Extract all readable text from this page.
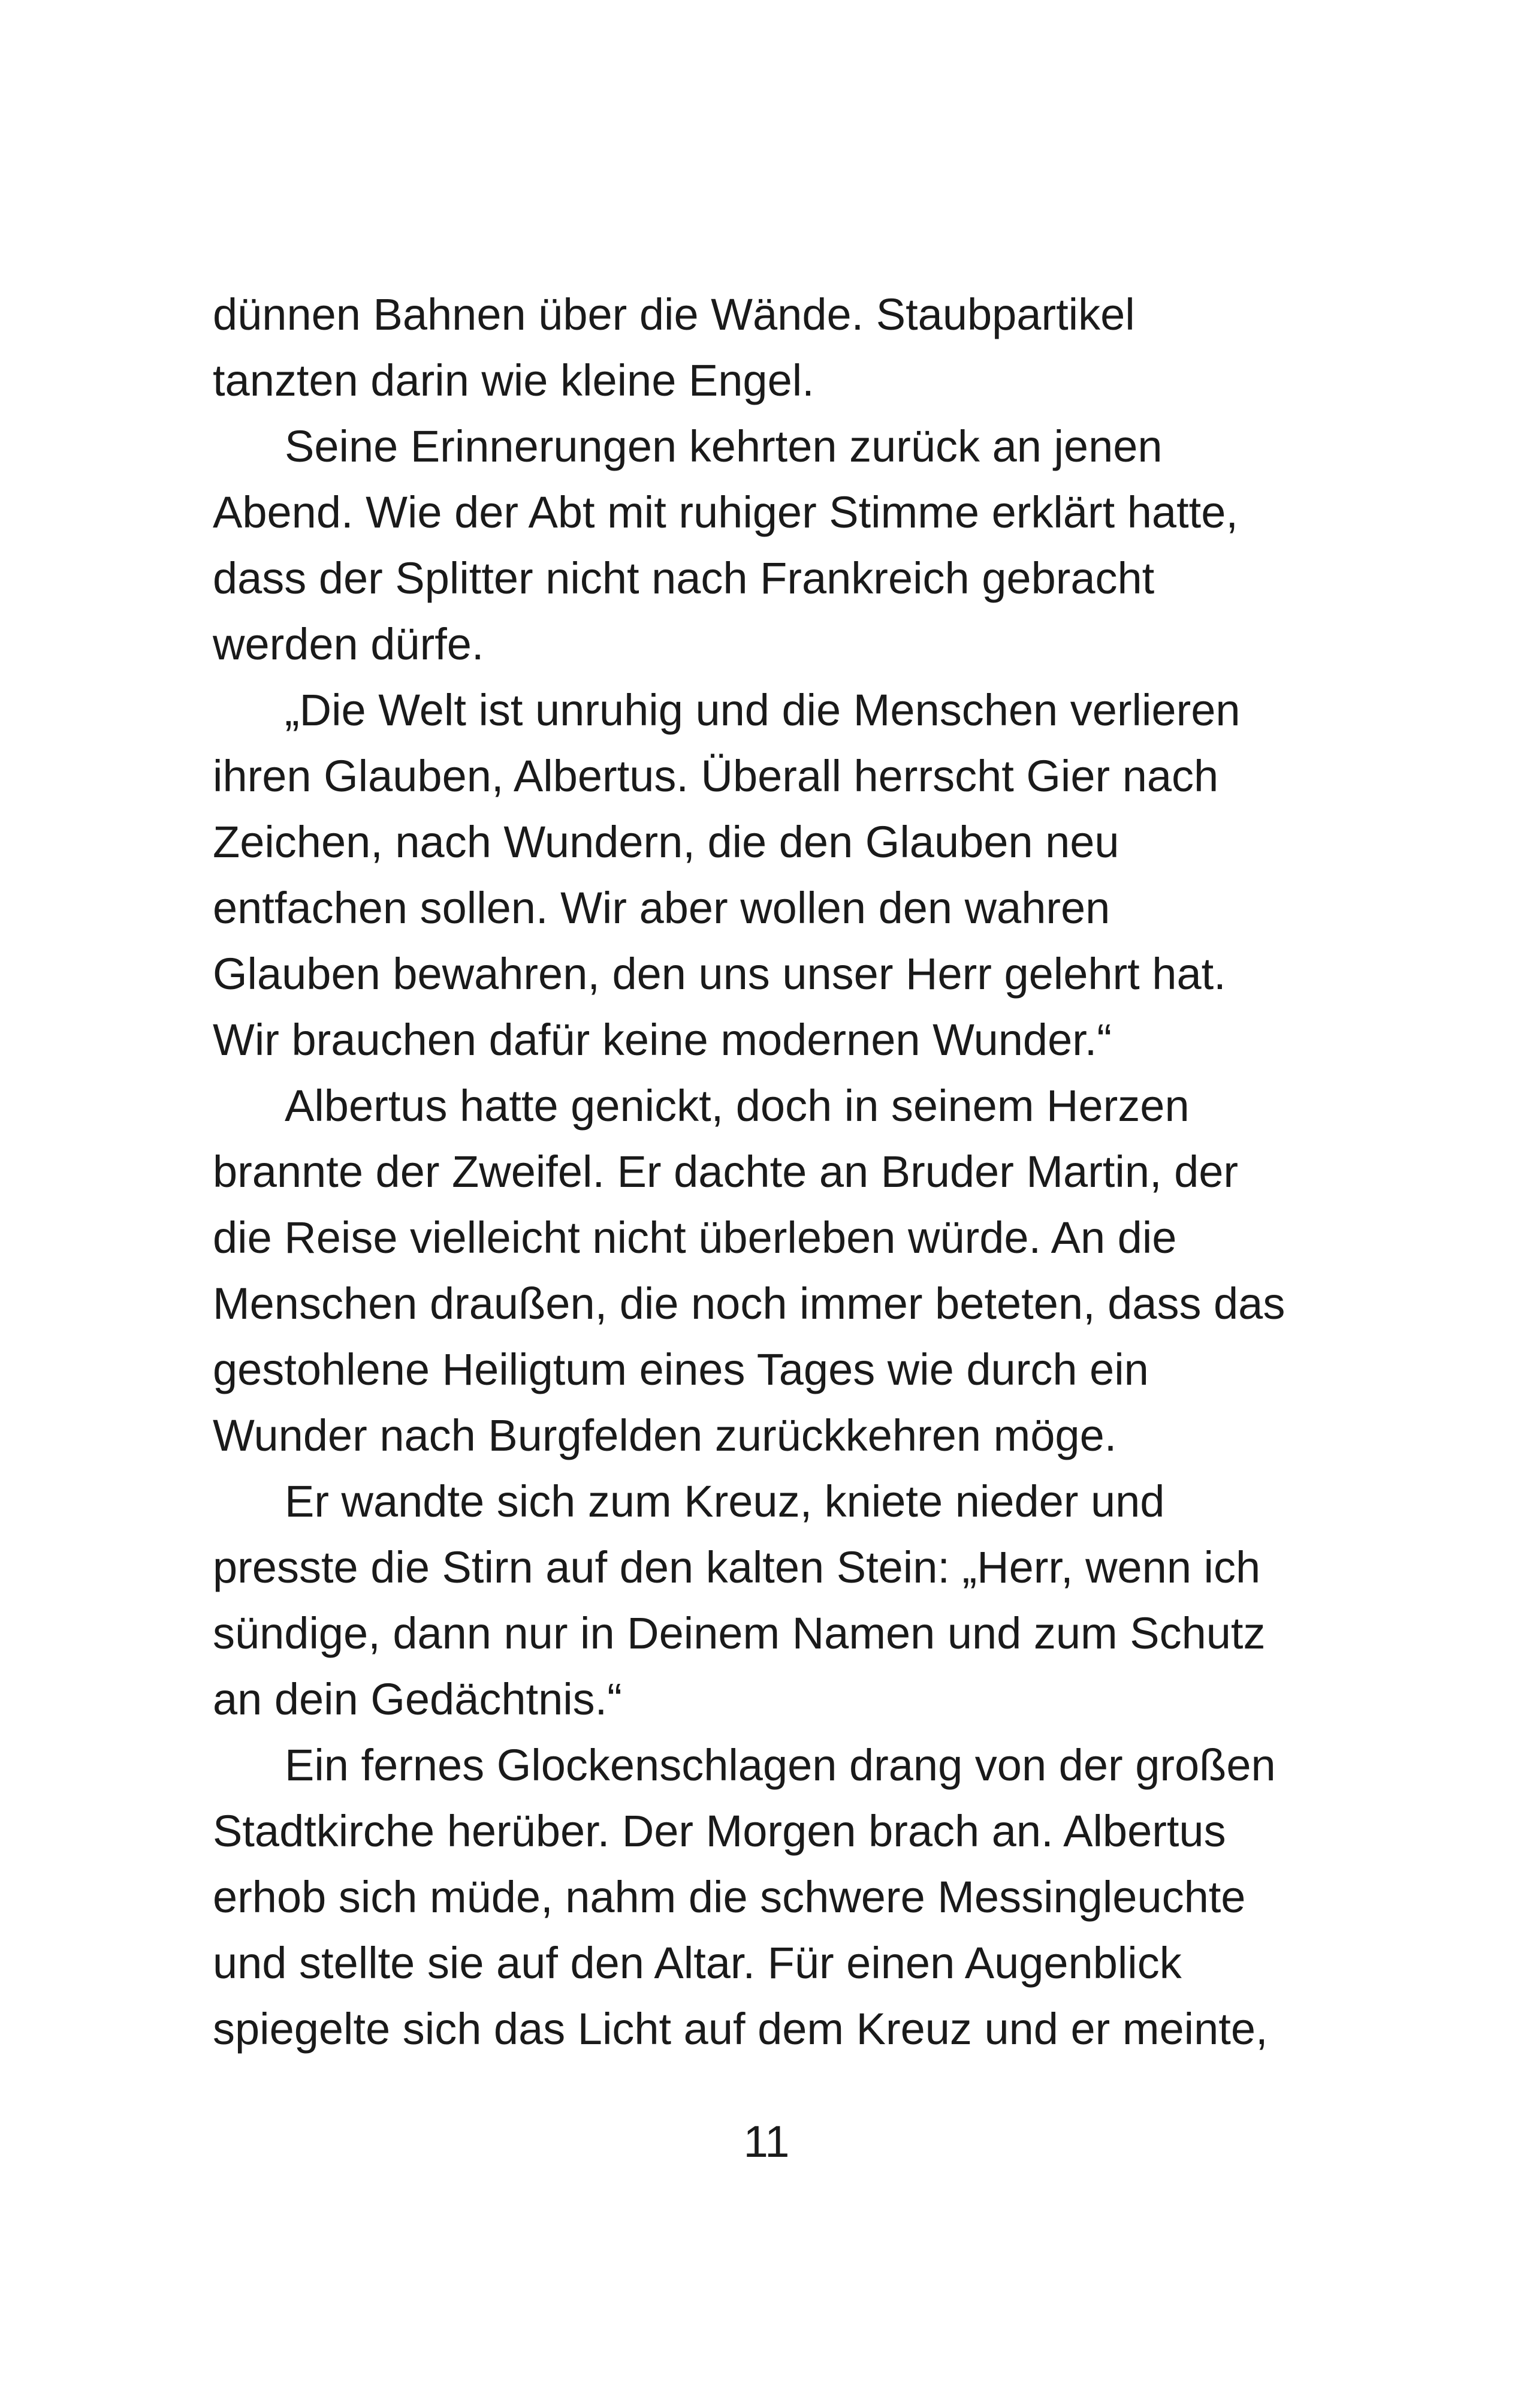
dünnen Bahnen über die Wände. Staubpartikel
tanzten darin wie kleine Engel.
Seine Erinnerungen kehrten zurück an jenen
Abend. Wie der Abt mit ruhiger Stimme erklärt hatte,
dass der Splitter nicht nach Frankreich gebracht
werden dürfe.
„Die Welt ist unruhig und die Menschen verlieren
ihren Glauben, Albertus. Überall herrscht Gier nach
Zeichen, nach Wundern, die den Glauben neu
entfachen sollen. Wir aber wollen den wahren
Glauben bewahren, den uns unser Herr gelehrt hat.
Wir brauchen dafür keine modernen Wunder.“
Albertus hatte genickt, doch in seinem Herzen
brannte der Zweifel. Er dachte an Bruder Martin, der
die Reise vielleicht nicht überleben würde. An die
Menschen draußen, die noch immer beteten, dass das
gestohlene Heiligtum eines Tages wie durch ein
Wunder nach Burgfelden zurückkehren möge.
Er wandte sich zum Kreuz, kniete nieder und
presste die Stirn auf den kalten Stein: „Herr, wenn ich
sündige, dann nur in Deinem Namen und zum Schutz
an dein Gedächtnis.“
Ein fernes Glockenschlagen drang von der großen
Stadtkirche herüber. Der Morgen brach an. Albertus
erhob sich müde, nahm die schwere Messingleuchte
und stellte sie auf den Altar. Für einen Augenblick
spiegelte sich das Licht auf dem Kreuz und er meinte,
11
